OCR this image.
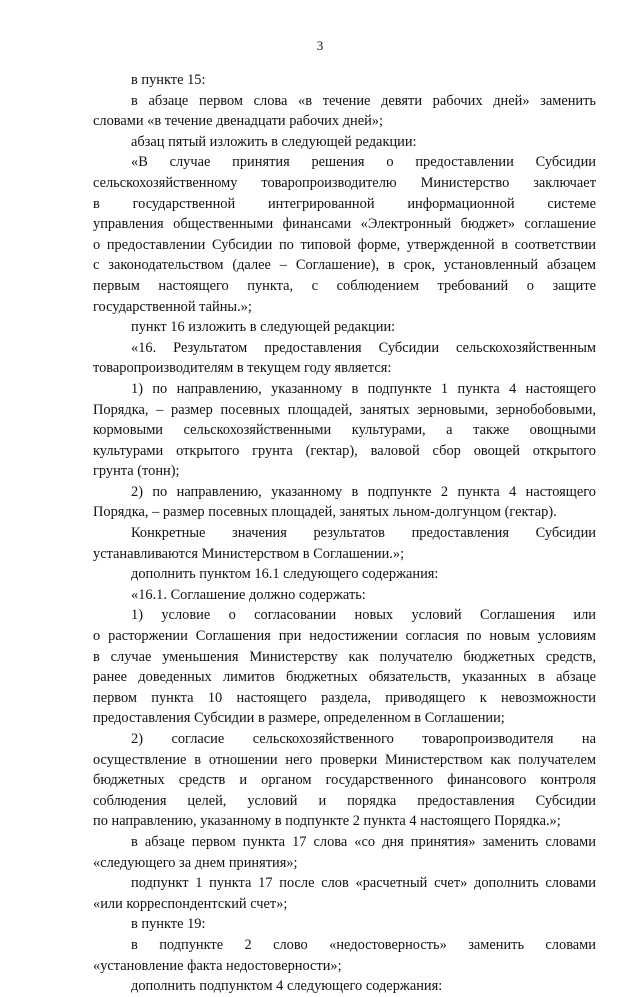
3
в пункте 15:
в абзаце первом слова «в течение девяти рабочих дней» заменить
словами «в течение двенадцати рабочих дней»;
абзац пятый изложить в следующей редакции:
«В случае принятия решения о предоставлении Субсидии
сельскохозяйственному товаропроизводителю Министерство заключает
в государственной интегрированной информационной системе
управления общественными финансами «Электронный бюджет» соглашение
о предоставлении Субсидии по типовой форме, утвержденной в соответствии
с законодательством (далее – Соглашение), в срок, установленный абзацем
первым настоящего пункта, с соблюдением требований о защите
государственной тайны.»;
пункт 16 изложить в следующей редакции:
«16. Результатом предоставления Субсидии сельскохозяйственным
товаропроизводителям в текущем году является:
1) по направлению, указанному в подпункте 1 пункта 4 настоящего
Порядка, – размер посевных площадей, занятых зерновыми, зернобобовыми,
кормовыми сельскохозяйственными культурами, а также овощными
культурами открытого грунта (гектар), валовой сбор овощей открытого
грунта (тонн);
2) по направлению, указанному в подпункте 2 пункта 4 настоящего
Порядка, – размер посевных площадей, занятых льном-долгунцом (гектар).
Конкретные значения результатов предоставления Субсидии
устанавливаются Министерством в Соглашении.»;
дополнить пунктом 16.1 следующего содержания:
«16.1. Соглашение должно содержать:
1) условие о согласовании новых условий Соглашения или
о расторжении Соглашения при недостижении согласия по новым условиям
в случае уменьшения Министерству как получателю бюджетных средств,
ранее доведенных лимитов бюджетных обязательств, указанных в абзаце
первом пункта 10 настоящего раздела, приводящего к невозможности
предоставления Субсидии в размере, определенном в Соглашении;
2) согласие сельскохозяйственного товаропроизводителя на
осуществление в отношении него проверки Министерством как получателем
бюджетных средств и органом государственного финансового контроля
соблюдения целей, условий и порядка предоставления Субсидии
по направлению, указанному в подпункте 2 пункта 4 настоящего Порядка.»;
в абзаце первом пункта 17 слова «со дня принятия» заменить словами
«следующего за днем принятия»;
подпункт 1 пункта 17 после слов «расчетный счет» дополнить словами
«или корреспондентский счет»;
в пункте 19:
в подпункте 2 слово «недостоверность» заменить словами
«установление факта недостоверности»;
дополнить подпунктом 4 следующего содержания:
